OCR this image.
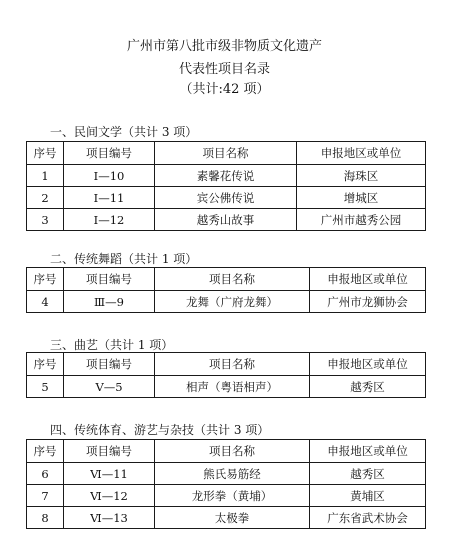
广州市第八批市级非物质文化遗产
代表性项目名录
（共计:42 项）
一、民间文学（共计 3 项）
序号	项目编号	项目名称	申报地区或单位
1	Ⅰ—10	素馨花传说	海珠区
2	Ⅰ—11	宾公佛传说	增城区
3	Ⅰ—12	越秀山故事	广州市越秀公园
二、传统舞蹈（共计 1 项）
序号	项目编号	项目名称	申报地区或单位
4	Ⅲ—9	龙舞（广府龙舞）	广州市龙狮协会
三、曲艺（共计 1 项）
序号	项目编号	项目名称	申报地区或单位
5	Ⅴ—5	相声（粤语相声）	越秀区
四、传统体育、游艺与杂技（共计 3 项）
序号	项目编号	项目名称	申报地区或单位
6	Ⅵ—11	熊氏易筋经	越秀区
7	Ⅵ—12	龙形拳（黄埔）	黄埔区
8	Ⅵ—13	太极拳	广东省武术协会
